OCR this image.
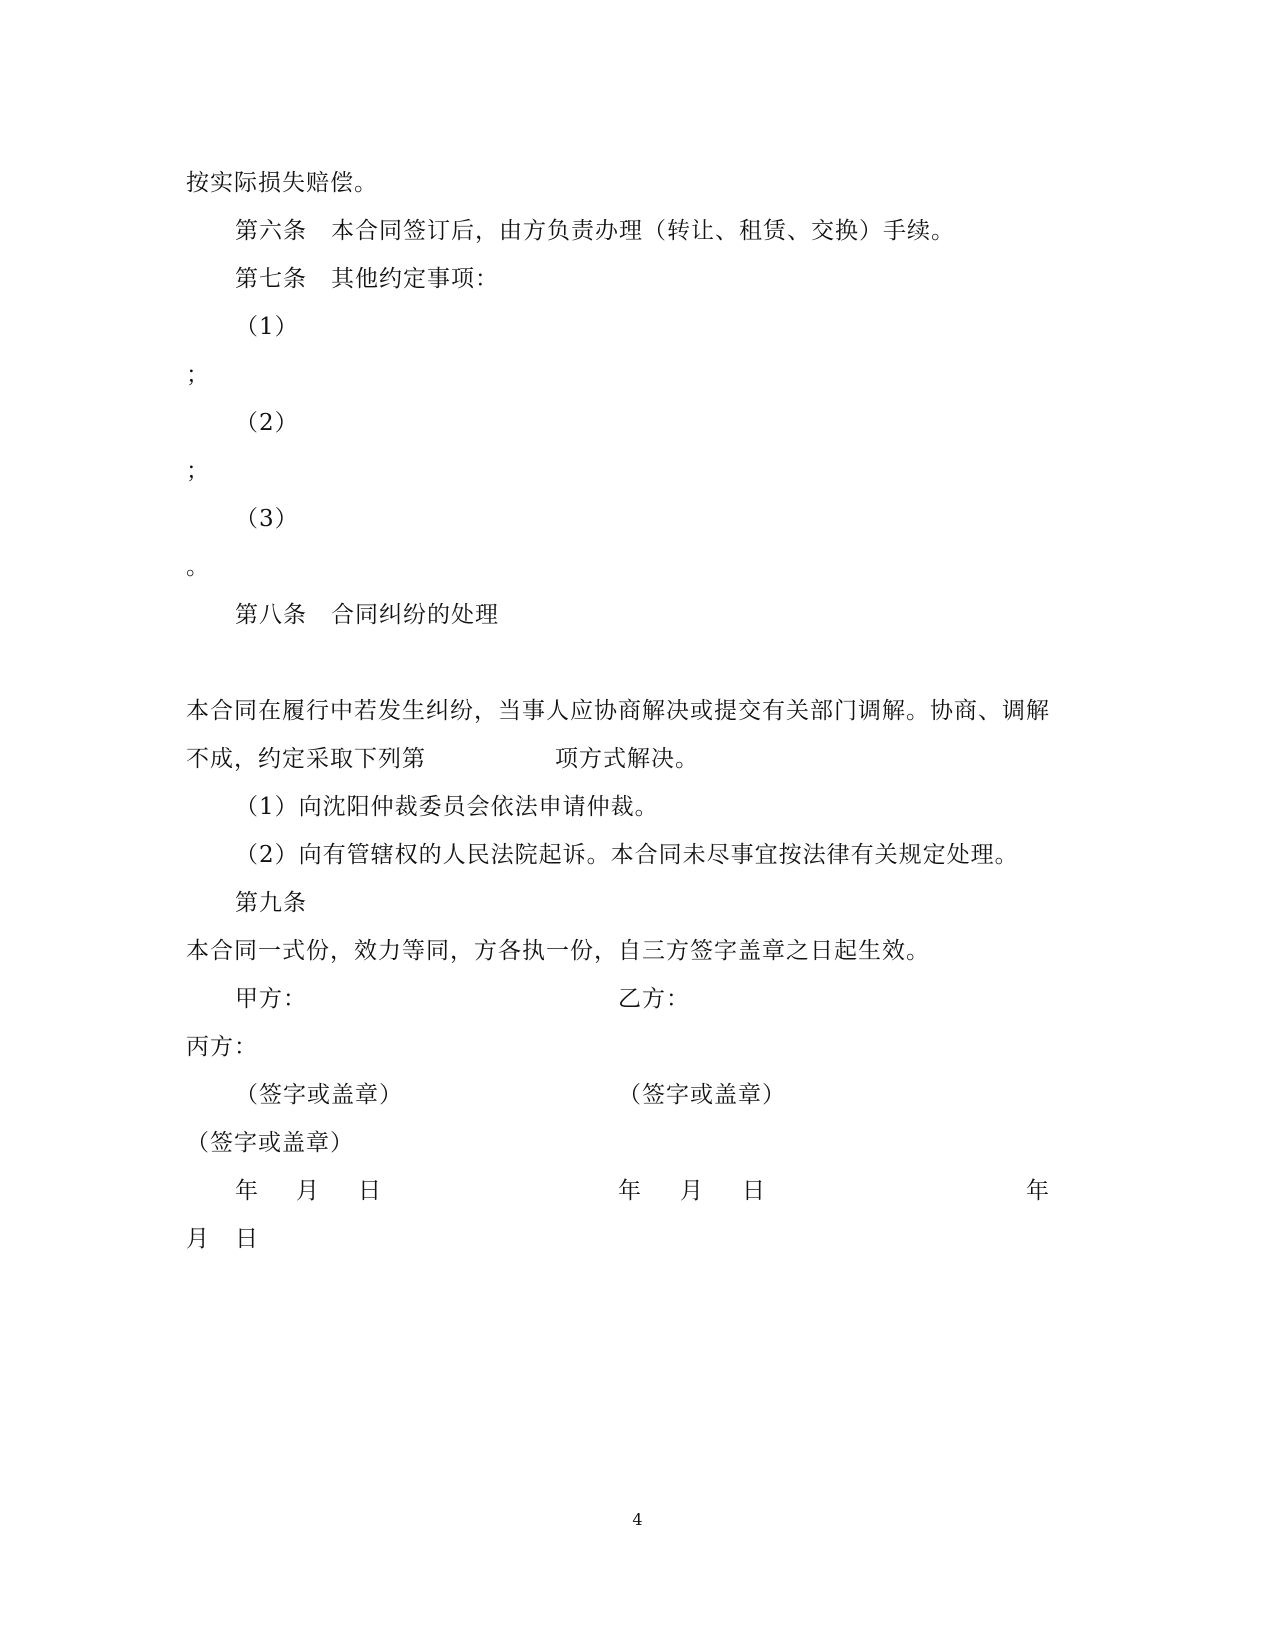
按实际损失赔偿。
第六条　本合同签订后，由方负责办理（转让、租赁、交换）手续。
第七条　其他约定事项：
（1）
；
（2）
；
（3）
。
第八条　合同纠纷的处理
本合同在履行中若发生纠纷，当事人应协商解决或提交有关部门调解。协商、调解
不成，约定采取下列第	项方式解决。
（1）向沈阳仲裁委员会依法申请仲裁。
（2）向有管辖权的人民法院起诉。本合同未尽事宜按法律有关规定处理。
第九条
本合同一式份，效力等同，方各执一份，自三方签字盖章之日起生效。
甲方：	乙方：
丙方：
（签字或盖章）	（签字或盖章）
（签字或盖章）
年 月 日	年 月 日	年
月 日
4
